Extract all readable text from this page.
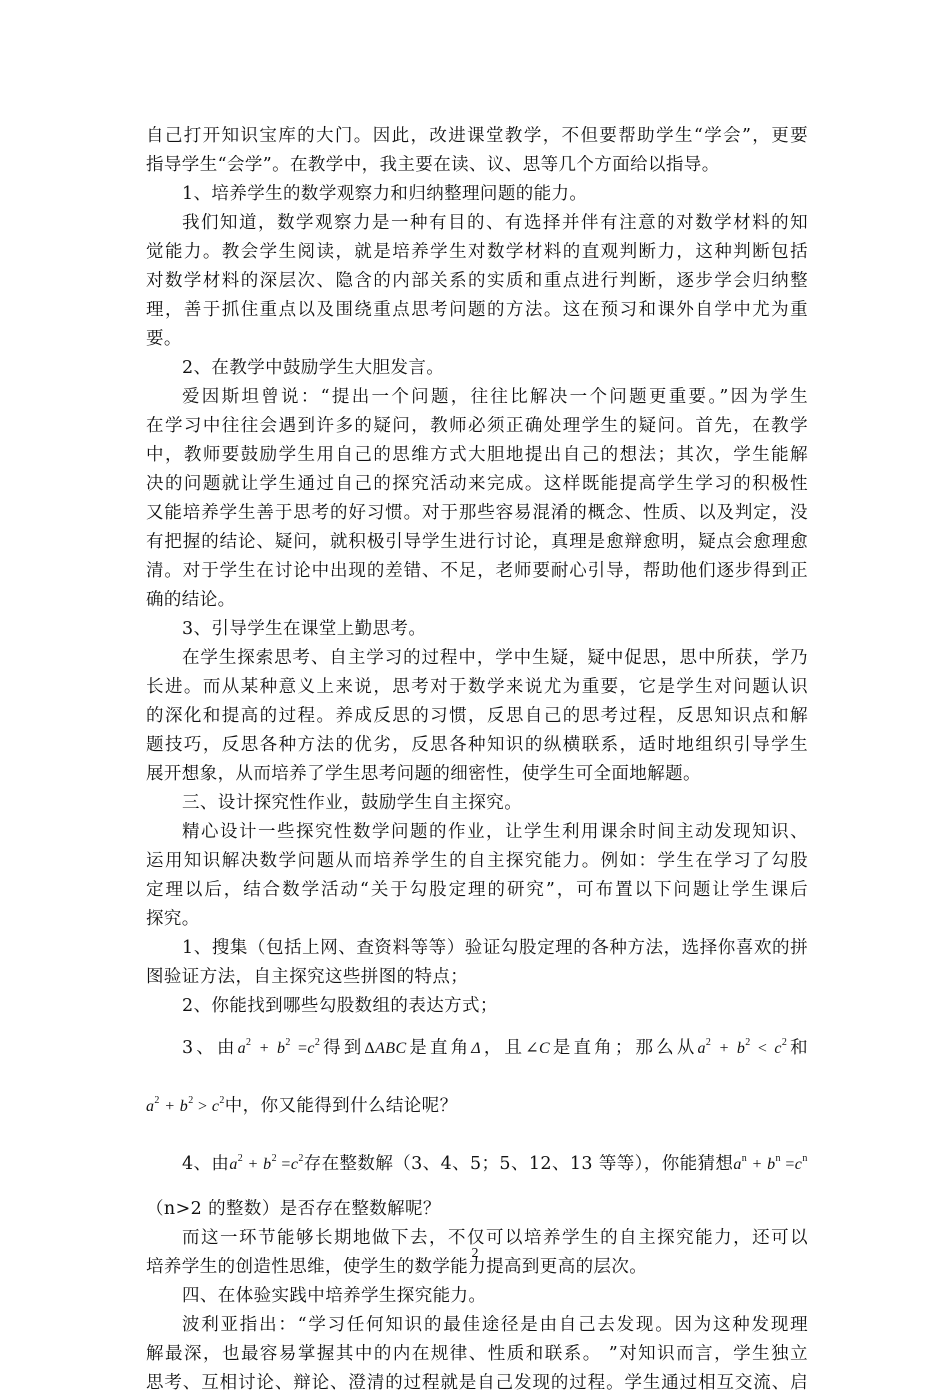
自己打开知识宝库的大门。因此，改进课堂教学，不但要帮助学生“学会”，更要
指导学生“会学”。在教学中，我主要在读、议、思等几个方面给以指导。
1、培养学生的数学观察力和归纳整理问题的能力。
我们知道，数学观察力是一种有目的、有选择并伴有注意的对数学材料的知
觉能力。教会学生阅读，就是培养学生对数学材料的直观判断力，这种判断包括
对数学材料的深层次、隐含的内部关系的实质和重点进行判断，逐步学会归纳整
理，善于抓住重点以及围绕重点思考问题的方法。这在预习和课外自学中尤为重
要。
2、在教学中鼓励学生大胆发言。
爱因斯坦曾说：“提出一个问题，往往比解决一个问题更重要。”因为学生
在学习中往往会遇到许多的疑问，教师必须正确处理学生的疑问。首先，在教学
中，教师要鼓励学生用自己的思维方式大胆地提出自己的想法；其次，学生能解
决的问题就让学生通过自己的探究活动来完成。这样既能提高学生学习的积极性
又能培养学生善于思考的好习惯。对于那些容易混淆的概念、性质、以及判定，没
有把握的结论、疑问，就积极引导学生进行讨论，真理是愈辩愈明，疑点会愈理愈
清。对于学生在讨论中出现的差错、不足，老师要耐心引导，帮助他们逐步得到正
确的结论。
3、引导学生在课堂上勤思考。
在学生探索思考、自主学习的过程中，学中生疑，疑中促思，思中所获，学乃
长进。而从某种意义上来说，思考对于数学来说尤为重要，它是学生对问题认识
的深化和提高的过程。养成反思的习惯，反思自己的思考过程，反思知识点和解
题技巧，反思各种方法的优劣，反思各种知识的纵横联系，适时地组织引导学生
展开想象，从而培养了学生思考问题的细密性，使学生可全面地解题。
三、设计探究性作业，鼓励学生自主探究。
精心设计一些探究性数学问题的作业，让学生利用课余时间主动发现知识、
运用知识解决数学问题从而培养学生的自主探究能力。例如：学生在学习了勾股
定理以后，结合数学活动“关于勾股定理的研究”，可布置以下问题让学生课后
探究。
1、搜集（包括上网、查资料等等）验证勾股定理的各种方法，选择你喜欢的拼
图验证方法，自主探究这些拼图的特点；
2、你能找到哪些勾股数组的表达方式；
3、由$a^2 + b^2 =c^2$得到ΔABC是直角Δ，且∠C是直角；那么从$a^2 + b^2 < c^2$和
$a^2 + b^2 > c^2$中，你又能得到什么结论呢？
4、由$a^2 + b^2 =c^2$存在整数解（3、4、5；5、12、13 等等），你能猜想$a^n + b^n =c^n$
（n>2 的整数）是否存在整数解呢？
而这一环节能够长期地做下去，不仅可以培养学生的自主探究能力，还可以
培养学生的创造性思维，使学生的数学能力提高到更高的层次。
四、在体验实践中培养学生探究能力。
波利亚指出：“学习任何知识的最佳途径是由自己去发现。因为这种发现理
解最深，也最容易掌握其中的内在规律、性质和联系。 ”对知识而言，学生独立
思考、互相讨论、辩论、澄清的过程就是自己发现的过程。学生通过相互交流、启
2
